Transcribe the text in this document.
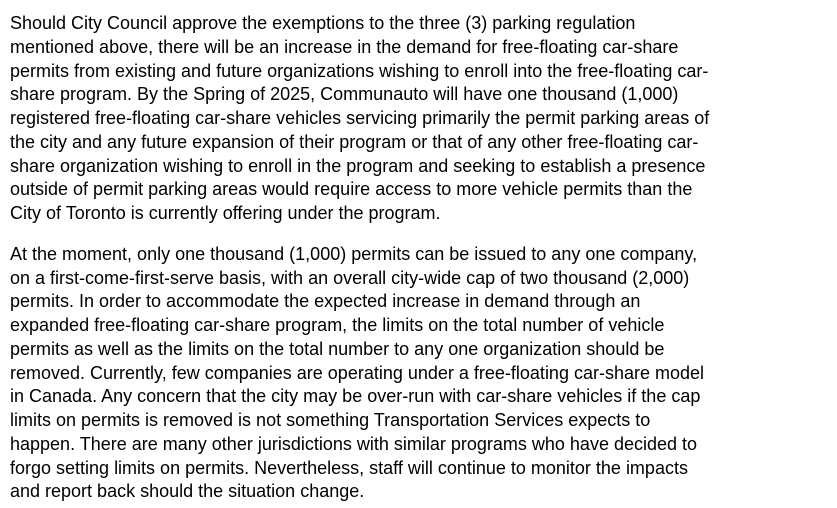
Should City Council approve the exemptions to the three (3) parking regulation
mentioned above, there will be an increase in the demand for free-floating car-share
permits from existing and future organizations wishing to enroll into the free-floating car-
share program. By the Spring of 2025, Communauto will have one thousand (1,000)
registered free-floating car-share vehicles servicing primarily the permit parking areas of
the city and any future expansion of their program or that of any other free-floating car-
share organization wishing to enroll in the program and seeking to establish a presence
outside of permit parking areas would require access to more vehicle permits than the
City of Toronto is currently offering under the program.

At the moment, only one thousand (1,000) permits can be issued to any one company,
on a first-come-first-serve basis, with an overall city-wide cap of two thousand (2,000)
permits. In order to accommodate the expected increase in demand through an
expanded free-floating car-share program, the limits on the total number of vehicle
permits as well as the limits on the total number to any one organization should be
removed. Currently, few companies are operating under a free-floating car-share model
in Canada. Any concern that the city may be over-run with car-share vehicles if the cap
limits on permits is removed is not something Transportation Services expects to
happen. There are many other jurisdictions with similar programs who have decided to
forgo setting limits on permits. Nevertheless, staff will continue to monitor the impacts
and report back should the situation change.
